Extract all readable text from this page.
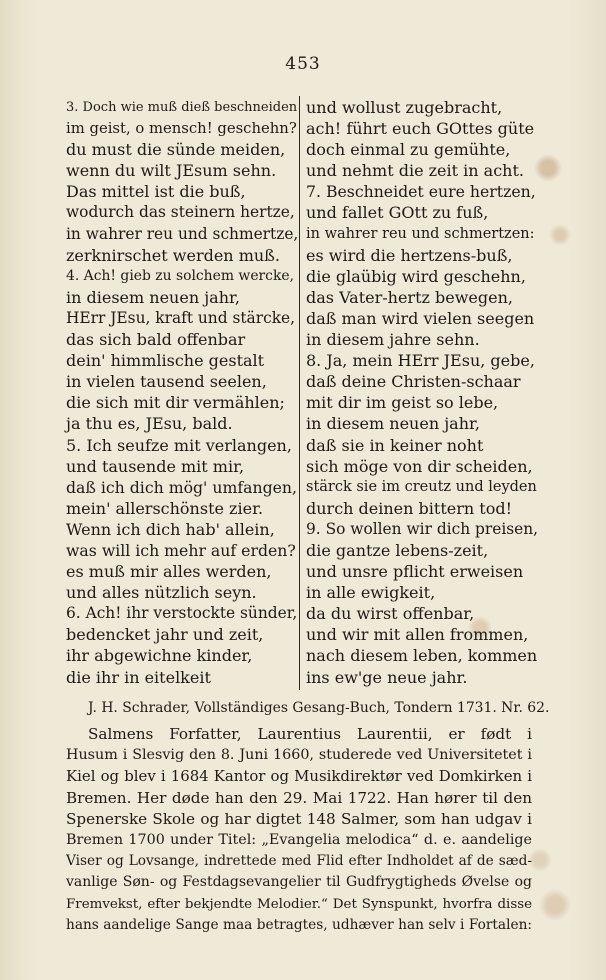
453
3. Doch wie muß dieß beschneiden
im geist, o mensch! geschehn?
du must die sünde meiden,
wenn du wilt JEsum sehn.
Das mittel ist die buß,
wodurch das steinern hertze,
in wahrer reu und schmertze,
zerknirschet werden muß.
4. Ach! gieb zu solchem wercke,
in diesem neuen jahr,
HErr JEsu, kraft und stärcke,
das sich bald offenbar
dein' himmlische gestalt
in vielen tausend seelen,
die sich mit dir vermählen;
ja thu es, JEsu, bald.
5. Ich seufze mit verlangen,
und tausende mit mir,
daß ich dich mög' umfangen,
mein' allerschönste zier.
Wenn ich dich hab' allein,
was will ich mehr auf erden?
es muß mir alles werden,
und alles nützlich seyn.
6. Ach! ihr verstockte sünder,
bedencket jahr und zeit,
ihr abgewichne kinder,
die ihr in eitelkeit
und wollust zugebracht,
ach! führt euch GOttes güte
doch einmal zu gemühte,
und nehmt die zeit in acht.
7. Beschneidet eure hertzen,
und fallet GOtt zu fuß,
in wahrer reu und schmertzen:
es wird die hertzens-buß,
die glaübig wird geschehn,
das Vater-hertz bewegen,
daß man wird vielen seegen
in diesem jahre sehn.
8. Ja, mein HErr JEsu, gebe,
daß deine Christen-schaar
mit dir im geist so lebe,
in diesem neuen jahr,
daß sie in keiner noht
sich möge von dir scheiden,
stärck sie im creutz und leyden
durch deinen bittern tod!
9. So wollen wir dich preisen,
die gantze lebens-zeit,
und unsre pflicht erweisen
in alle ewigkeit,
da du wirst offenbar,
und wir mit allen frommen,
nach diesem leben, kommen
ins ew'ge neue jahr.
J. H. Schrader, Vollständiges Gesang-Buch, Tondern 1731. Nr. 62.
Salmens Forfatter, Laurentius Laurentii, er født i
Husum i Slesvig den 8. Juni 1660, studerede ved Universitetet i
Kiel og blev i 1684 Kantor og Musikdirektør ved Domkirken i
Bremen. Her døde han den 29. Mai 1722. Han hører til den
Spenerske Skole og har digtet 148 Salmer, som han udgav i
Bremen 1700 under Titel: „Evangelia melodica“ d. e. aandelige
Viser og Lovsange, indrettede med Flid efter Indholdet af de sæd-
vanlige Søn- og Festdagsevangelier til Gudfrygtigheds Øvelse og
Fremvekst, efter bekjendte Melodier.“ Det Synspunkt, hvorfra disse
hans aandelige Sange maa betragtes, udhæver han selv i Fortalen:
